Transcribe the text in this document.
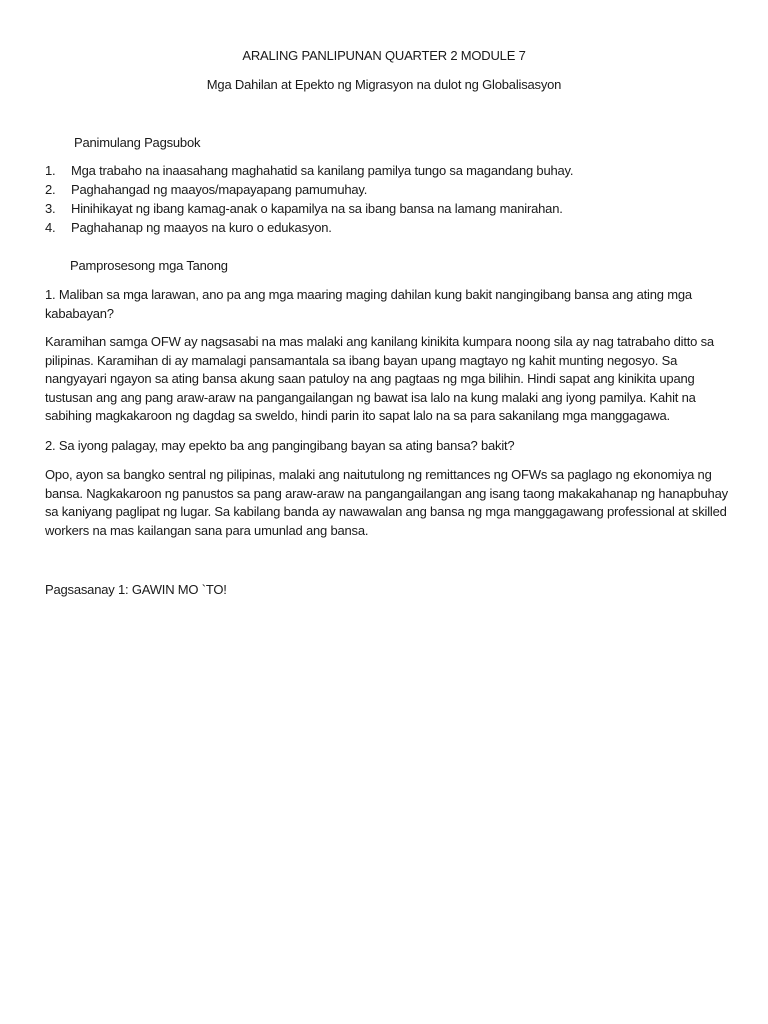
ARALING PANLIPUNAN QUARTER 2 MODULE 7
Mga Dahilan at Epekto ng Migrasyon na dulot ng Globalisasyon
Panimulang Pagsubok
1. Mga trabaho na inaasahang maghahatid sa kanilang pamilya tungo sa magandang buhay.
2. Paghahangad ng maayos/mapayapang pamumuhay.
3. Hinihikayat ng ibang kamag-anak o kapamilya na sa ibang bansa na lamang manirahan.
4. Paghahanap ng maayos na kuro o edukasyon.
Pamprosesong mga Tanong

1. Maliban sa mga larawan, ano pa ang mga maaring maging dahilan kung bakit nangingibang bansa ang ating mga
kababayan?

Karamihan samga OFW ay nagsasabi na mas malaki ang kanilang kinikita kumpara noong sila ay nag tatrabaho ditto sa
pilipinas. Karamihan di ay mamalagi pansamantala sa ibang bayan upang magtayo ng kahit munting negosyo. Sa
nangyayari ngayon sa ating bansa akung saan patuloy na ang pagtaas ng mga bilihin. Hindi sapat ang kinikita upang
tustusan ang ang pang araw-araw na pangangailangan ng bawat isa lalo na kung malaki ang iyong pamilya. Kahit na
sabihing magkakaroon ng dagdag sa sweldo, hindi parin ito sapat lalo na sa para sakanilang mga manggagawa.

2. Sa iyong palagay, may epekto ba ang pangingibang bayan sa ating bansa? bakit?

Opo, ayon sa bangko sentral ng pilipinas, malaki ang naitutulong ng remittances ng OFWs sa paglago ng ekonomiya ng
bansa. Nagkakaroon ng panustos sa pang araw-araw na pangangailangan ang isang taong makakahanap ng hanapbuhay
sa kaniyang paglipat ng lugar. Sa kabilang banda ay nawawalan ang bansa ng mga manggagawang professional at skilled
workers na mas kailangan sana para umunlad ang bansa.

Pagsasanay 1: GAWIN MO `TO!
